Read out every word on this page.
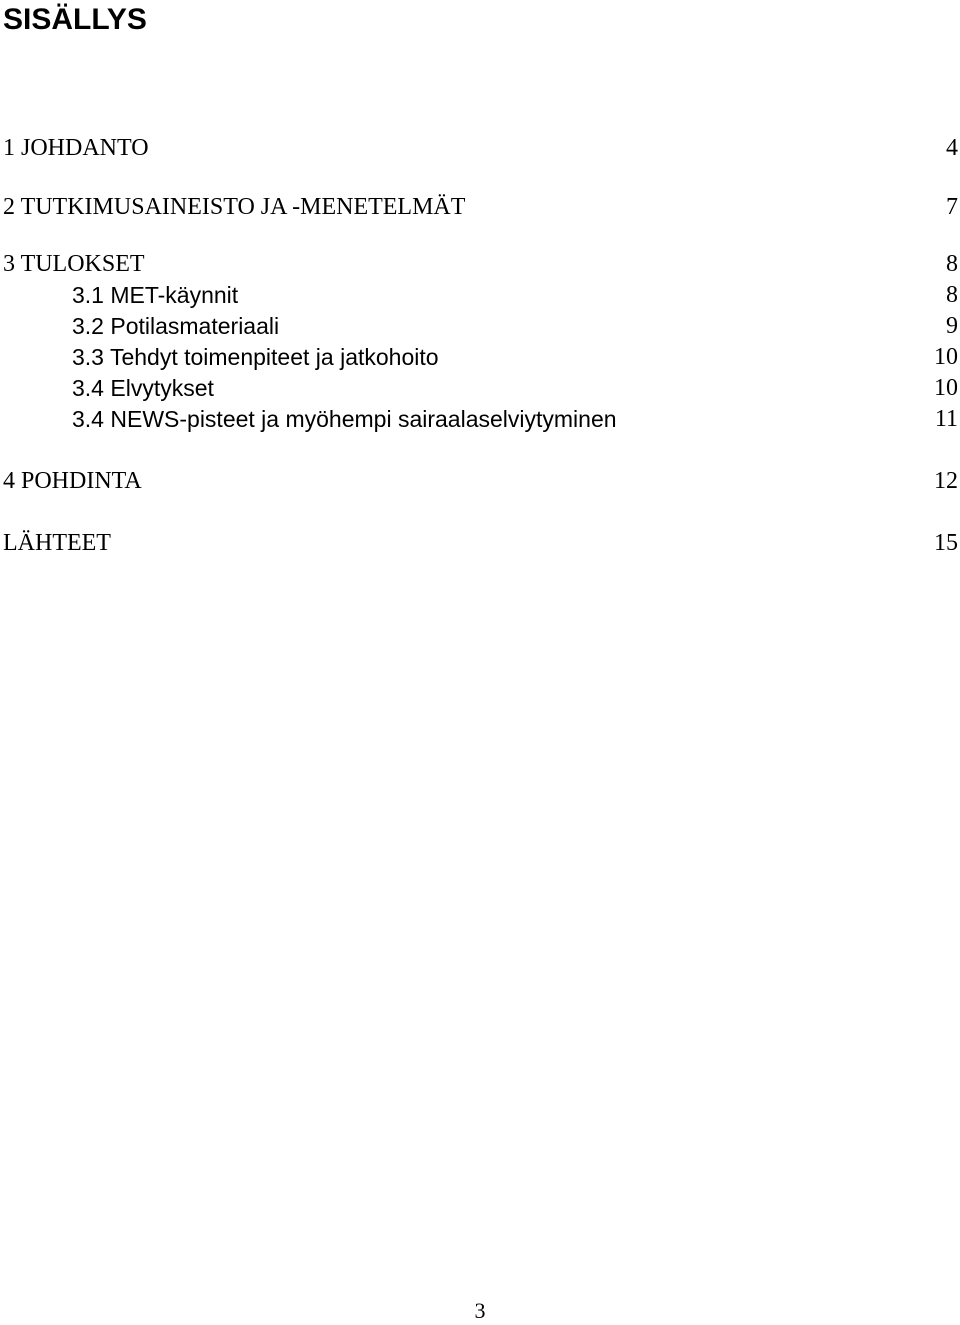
SISÄLLYS
1 JOHDANTO	4
2 TUTKIMUSAINEISTO JA -MENETELMÄT	7
3 TULOKSET	8
3.1 MET-käynnit	8
3.2 Potilasmateriaali	9
3.3 Tehdyt toimenpiteet ja jatkohoito	10
3.4 Elvytykset	10
3.4 NEWS-pisteet ja myöhempi sairaalaselviytyminen	11
4 POHDINTA	12
LÄHTEET	15
3
